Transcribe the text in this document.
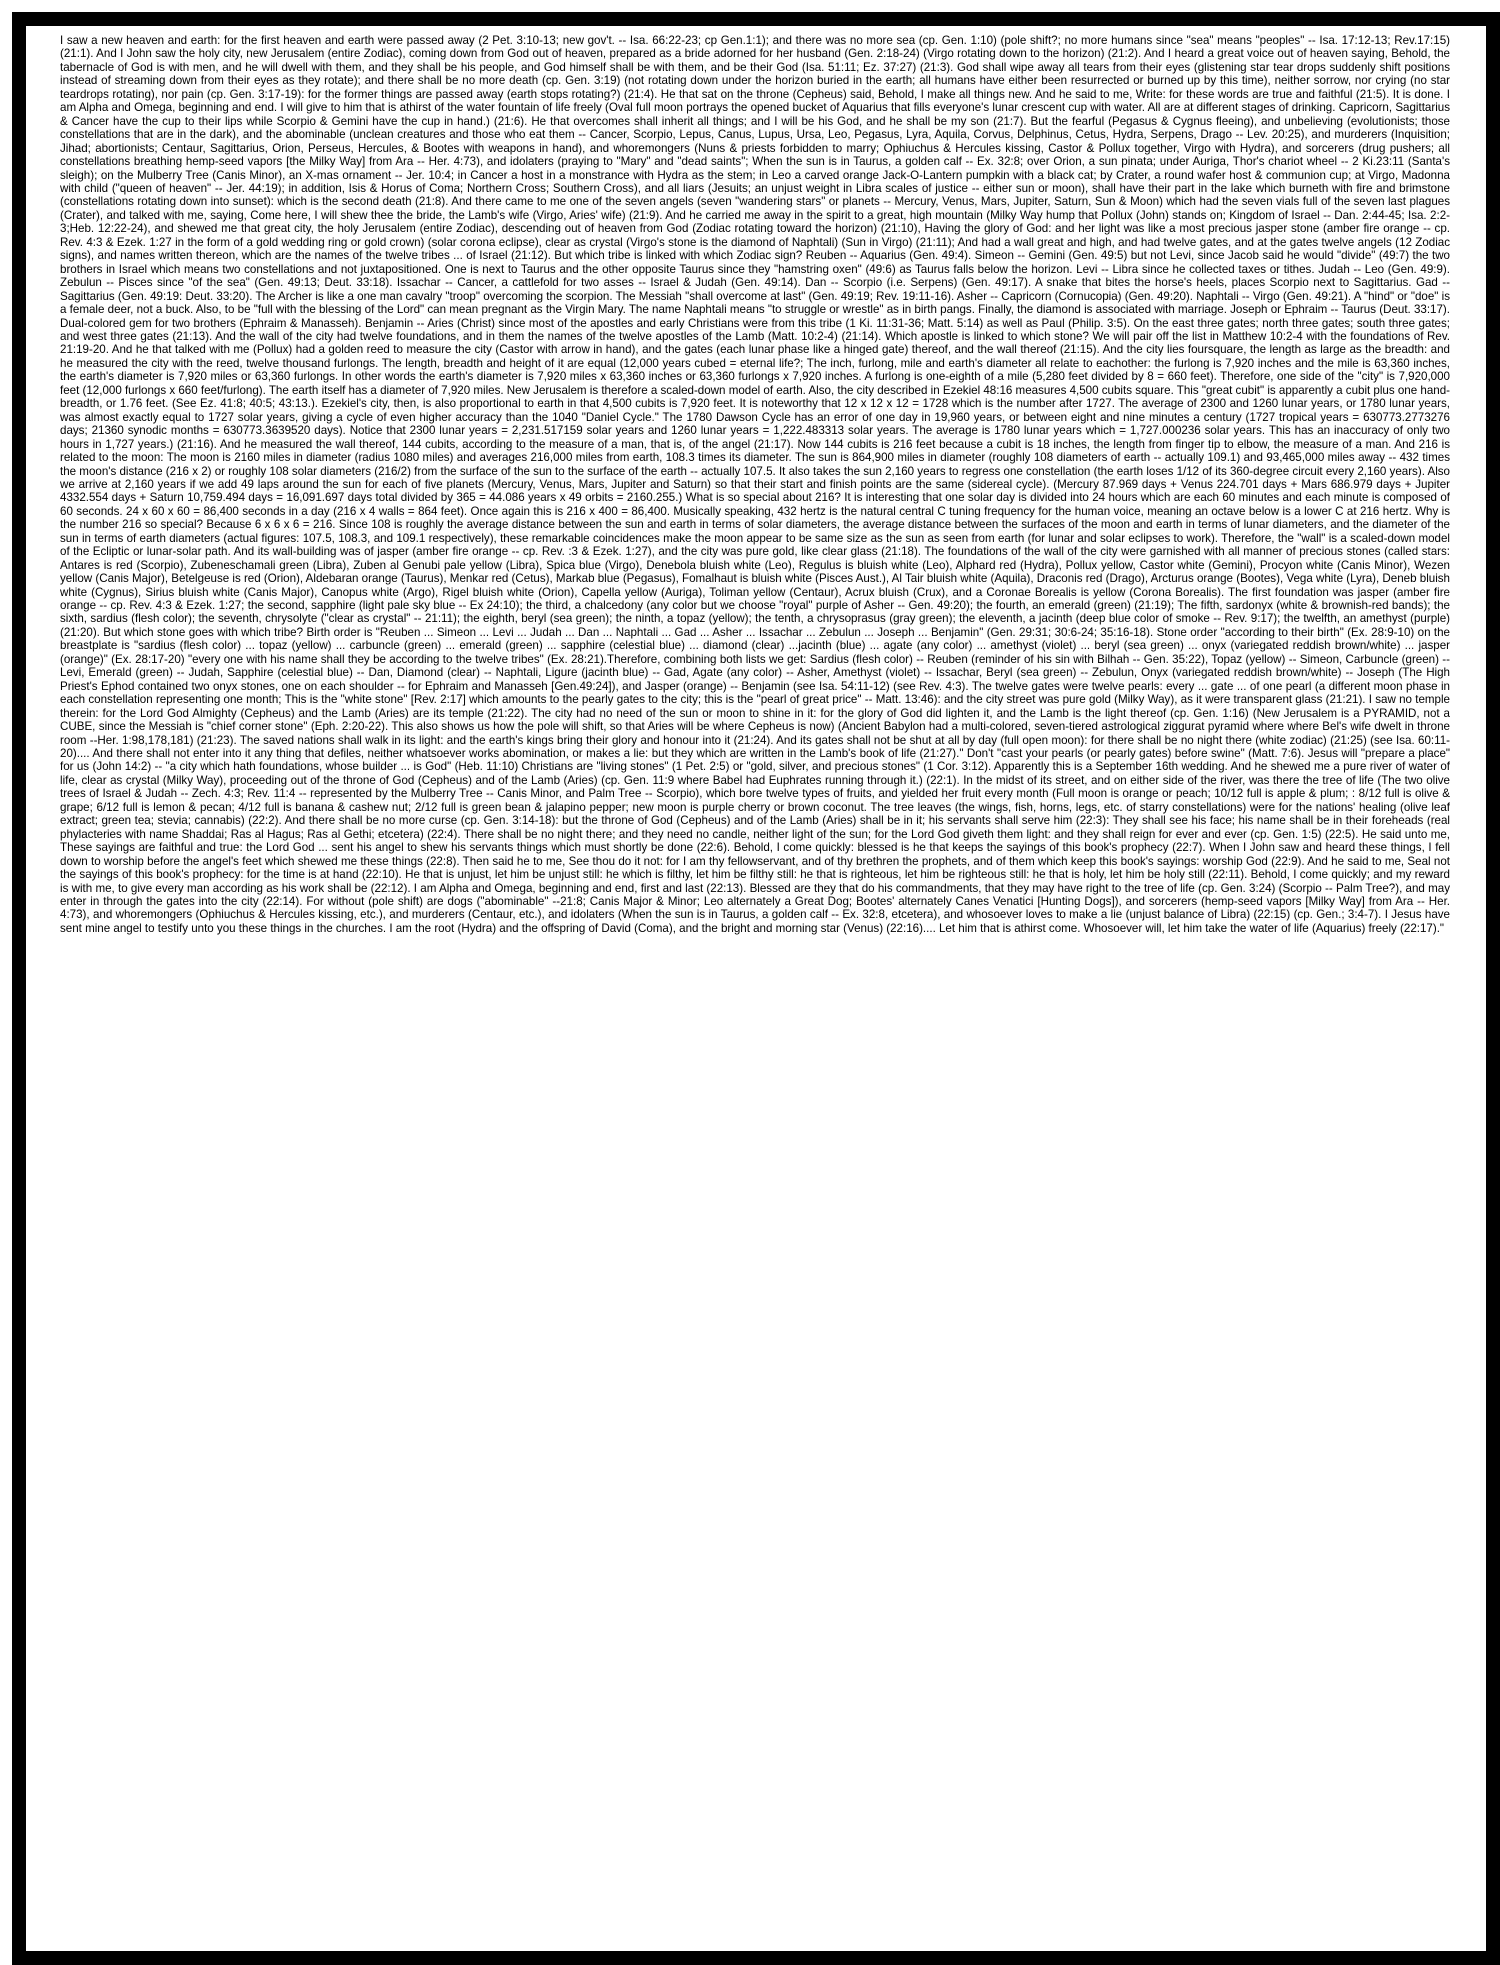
I saw a new heaven and earth: for the first heaven and earth were passed away (2 Pet. 3:10-13; new gov't. -- Isa. 66:22-23; cp Gen.1:1); and there was no more sea (cp. Gen. 1:10) (pole shift?; no more humans since "sea" means "peoples" -- Isa. 17:12-13; Rev.17:15) (21:1). And I John saw the holy city, new Jerusalem (entire Zodiac), coming down from God out of heaven, prepared as a bride adorned for her husband (Gen. 2:18-24) (Virgo rotating down to the horizon) (21:2). And I heard a great voice out of heaven saying, Behold, the tabernacle of God is with men, and he will dwell with them, and they shall be his people, and God himself shall be with them, and be their God (Isa. 51:11; Ez. 37:27) (21:3). God shall wipe away all tears from their eyes (glistening star tear drops suddenly shift positions instead of streaming down from their eyes as they rotate); and there shall be no more death (cp. Gen. 3:19) (not rotating down under the horizon buried in the earth; all humans have either been resurrected or burned up by this time), neither sorrow, nor crying (no star teardrops rotating), nor pain (cp. Gen. 3:17-19): for the former things are passed away (earth stops rotating?) (21:4). He that sat on the throne (Cepheus) said, Behold, I make all things new. And he said to me, Write: for these words are true and faithful (21:5). It is done. I am Alpha and Omega, beginning and end. I will give to him that is athirst of the water fountain of life freely (Oval full moon portrays the opened bucket of Aquarius that fills everyone's lunar crescent cup with water. All are at different stages of drinking. Capricorn, Sagittarius & Cancer have the cup to their lips while Scorpio & Gemini have the cup in hand.) (21:6). He that overcomes shall inherit all things; and I will be his God, and he shall be my son (21:7). But the fearful (Pegasus & Cygnus fleeing), and unbelieving (evolutionists; those constellations that are in the dark), and the abominable (unclean creatures and those who eat them -- Cancer, Scorpio, Lepus, Canus, Lupus, Ursa, Leo, Pegasus, Lyra, Aquila, Corvus, Delphinus, Cetus, Hydra, Serpens, Drago -- Lev. 20:25), and murderers (Inquisition; Jihad; abortionists; Centaur, Sagittarius, Orion, Perseus, Hercules, & Bootes with weapons in hand), and whoremongers (Nuns & priests forbidden to marry; Ophiuchus & Hercules kissing, Castor & Pollux together, Virgo with Hydra), and sorcerers (drug pushers; all constellations breathing hemp-seed vapors [the Milky Way] from Ara -- Her. 4:73), and idolaters (praying to "Mary" and "dead saints"; When the sun is in Taurus, a golden calf -- Ex. 32:8; over Orion, a sun pinata; under Auriga, Thor's chariot wheel -- 2 Ki.23:11 (Santa's sleigh); on the Mulberry Tree (Canis Minor), an X-mas ornament -- Jer. 10:4; in Cancer a host in a monstrance with Hydra as the stem; in Leo a carved orange Jack-O-Lantern pumpkin with a black cat; by Crater, a round wafer host & communion cup; at Virgo, Madonna with child ("queen of heaven" -- Jer. 44:19); in addition, Isis & Horus of Coma; Northern Cross; Southern Cross), and all liars (Jesuits; an unjust weight in Libra scales of justice -- either sun or moon), shall have their part in the lake which burneth with fire and brimstone (constellations rotating down into sunset): which is the second death (21:8). And there came to me one of the seven angels (seven "wandering stars" or planets -- Mercury, Venus, Mars, Jupiter, Saturn, Sun & Moon) which had the seven vials full of the seven last plagues (Crater), and talked with me, saying, Come here, I will shew thee the bride, the Lamb's wife (Virgo, Aries' wife) (21:9). And he carried me away in the spirit to a great, high mountain (Milky Way hump that Pollux (John) stands on; Kingdom of Israel -- Dan. 2:44-45; Isa. 2:2-3;Heb. 12:22-24), and shewed me that great city, the holy Jerusalem (entire Zodiac), descending out of heaven from God (Zodiac rotating toward the horizon) (21:10), Having the glory of God: and her light was like a most precious jasper stone (amber fire orange -- cp. Rev. 4:3 & Ezek. 1:27 in the form of a gold wedding ring or gold crown) (solar corona eclipse), clear as crystal (Virgo's stone is the diamond of Naphtali) (Sun in Virgo) (21:11); And had a wall great and high, and had twelve gates, and at the gates twelve angels (12 Zodiac signs), and names written thereon, which are the names of the twelve tribes ... of Israel (21:12). But which tribe is linked with which Zodiac sign? Reuben -- Aquarius (Gen. 49:4). Simeon -- Gemini (Gen. 49:5) but not Levi, since Jacob said he would "divide" (49:7) the two brothers in Israel which means two constellations and not juxtapositioned. One is next to Taurus and the other opposite Taurus since they "hamstring oxen" (49:6) as Taurus falls below the horizon. Levi -- Libra since he collected taxes or tithes. Judah -- Leo (Gen. 49:9). Zebulun -- Pisces since "of the sea" (Gen. 49:13; Deut. 33:18). Issachar -- Cancer, a cattlefold for two asses -- Israel & Judah (Gen. 49:14). Dan -- Scorpio (i.e. Serpens) (Gen. 49:17). A snake that bites the horse's heels, places Scorpio next to Sagittarius. Gad -- Sagittarius (Gen. 49:19: Deut. 33:20). The Archer is like a one man cavalry "troop" overcoming the scorpion. The Messiah "shall overcome at last" (Gen. 49:19; Rev. 19:11-16). Asher -- Capricorn (Cornucopia) (Gen. 49:20). Naphtali -- Virgo (Gen. 49:21). A "hind" or "doe" is a female deer, not a buck. Also, to be "full with the blessing of the Lord" can mean pregnant as the Virgin Mary. The name Naphtali means "to struggle or wrestle" as in birth pangs. Finally, the diamond is associated with marriage. Joseph or Ephraim -- Taurus (Deut. 33:17). Dual-colored gem for two brothers (Ephraim & Manasseh). Benjamin -- Aries (Christ) since most of the apostles and early Christians were from this tribe (1 Ki. 11:31-36; Matt. 5:14) as well as Paul (Philip. 3:5). On the east three gates; north three gates; south three gates; and west three gates (21:13). And the wall of the city had twelve foundations, and in them the names of the twelve apostles of the Lamb (Matt. 10:2-4) (21:14). Which apostle is linked to which stone? We will pair off the list in Matthew 10:2-4 with the foundations of Rev. 21:19-20. And he that talked with me (Pollux) had a golden reed to measure the city (Castor with arrow in hand), and the gates (each lunar phase like a hinged gate) thereof, and the wall thereof (21:15). And the city lies foursquare, the length as large as the breadth: and he measured the city with the reed, twelve thousand furlongs. The length, breadth and height of it are equal (12,000 years cubed = eternal life?; The inch, furlong, mile and earth's diameter all relate to eachother: the furlong is 7,920 inches and the mile is 63,360 inches, the earth's diameter is 7,920 miles or 63,360 furlongs. In other words the earth's diameter is 7,920 miles x 63,360 inches or 63,360 furlongs x 7,920 inches. A furlong is one-eighth of a mile (5,280 feet divided by 8 = 660 feet). Therefore, one side of the "city" is 7,920,000 feet (12,000 furlongs x 660 feet/furlong). The earth itself has a diameter of 7,920 miles. New Jerusalem is therefore a scaled-down model of earth. Also, the city described in Ezekiel 48:16 measures 4,500 cubits square. This "great cubit" is apparently a cubit plus one hand-breadth, or 1.76 feet. (See Ez. 41:8; 40:5; 43:13.). Ezekiel's city, then, is also proportional to earth in that 4,500 cubits is 7,920 feet. It is noteworthy that 12 x 12 x 12 = 1728 which is the number after 1727. The average of 2300 and 1260 lunar years, or 1780 lunar years, was almost exactly equal to 1727 solar years, giving a cycle of even higher accuracy than the 1040 "Daniel Cycle." The 1780 Dawson Cycle has an error of one day in 19,960 years, or between eight and nine minutes a century (1727 tropical years = 630773.2773276 days; 21360 synodic months = 630773.3639520 days). Notice that 2300 lunar years = 2,231.517159 solar years and 1260 lunar years = 1,222.483313 solar years. The average is 1780 lunar years which = 1,727.000236 solar years. This has an inaccuracy of only two hours in 1,727 years.) (21:16). And he measured the wall thereof, 144 cubits, according to the measure of a man, that is, of the angel (21:17). Now 144 cubits is 216 feet because a cubit is 18 inches, the length from finger tip to elbow, the measure of a man. And 216 is related to the moon: The moon is 2160 miles in diameter (radius 1080 miles) and averages 216,000 miles from earth, 108.3 times its diameter. The sun is 864,900 miles in diameter (roughly 108 diameters of earth -- actually 109.1) and 93,465,000 miles away -- 432 times the moon's distance (216 x 2) or roughly 108 solar diameters (216/2) from the surface of the sun to the surface of the earth -- actually 107.5. It also takes the sun 2,160 years to regress one constellation (the earth loses 1/12 of its 360-degree circuit every 2,160 years). Also we arrive at 2,160 years if we add 49 laps around the sun for each of five planets (Mercury, Venus, Mars, Jupiter and Saturn) so that their start and finish points are the same (sidereal cycle). (Mercury 87.969 days + Venus 224.701 days + Mars 686.979 days + Jupiter 4332.554 days + Saturn 10,759.494 days = 16,091.697 days total divided by 365 = 44.086 years x 49 orbits = 2160.255.) What is so special about 216? It is interesting that one solar day is divided into 24 hours which are each 60 minutes and each minute is composed of 60 seconds. 24 x 60 x 60 = 86,400 seconds in a day (216 x 4 walls = 864 feet). Once again this is 216 x 400 = 86,400. Musically speaking, 432 hertz is the natural central C tuning frequency for the human voice, meaning an octave below is a lower C at 216 hertz. Why is the number 216 so special? Because 6 x 6 x 6 = 216. Since 108 is roughly the average distance between the sun and earth in terms of solar diameters, the average distance between the surfaces of the moon and earth in terms of lunar diameters, and the diameter of the sun in terms of earth diameters (actual figures: 107.5, 108.3, and 109.1 respectively), these remarkable coincidences make the moon appear to be same size as the sun as seen from earth (for lunar and solar eclipses to work). Therefore, the "wall" is a scaled-down model of the Ecliptic or lunar-solar path. And its wall-building was of jasper (amber fire orange -- cp. Rev. :3 & Ezek. 1:27), and the city was pure gold, like clear glass (21:18). The foundations of the wall of the city were garnished with all manner of precious stones (called stars: Antares is red (Scorpio), Zubeneschamali green (Libra), Zuben al Genubi pale yellow (Libra), Spica blue (Virgo), Denebola bluish white (Leo), Regulus is bluish white (Leo), Alphard red (Hydra), Pollux yellow, Castor white (Gemini), Procyon white (Canis Minor), Wezen yellow (Canis Major), Betelgeuse is red (Orion), Aldebaran orange (Taurus), Menkar red (Cetus), Markab blue (Pegasus), Fomalhaut is bluish white (Pisces Aust.), Al Tair bluish white (Aquila), Draconis red (Drago), Arcturus orange (Bootes), Vega white (Lyra), Deneb bluish white (Cygnus), Sirius bluish white (Canis Major), Canopus white (Argo), Rigel bluish white (Orion), Capella yellow (Auriga), Toliman yellow (Centaur), Acrux bluish (Crux), and a Coronae Borealis is yellow (Corona Borealis). The first foundation was jasper (amber fire orange -- cp. Rev. 4:3 & Ezek. 1:27; the second, sapphire (light pale sky blue -- Ex 24:10); the third, a chalcedony (any color but we choose "royal" purple of Asher -- Gen. 49:20); the fourth, an emerald (green) (21:19); The fifth, sardonyx (white & brownish-red bands); the sixth, sardius (flesh color); the seventh, chrysolyte ("clear as crystal" -- 21:11); the eighth, beryl (sea green); the ninth, a topaz (yellow); the tenth, a chrysoprasus (gray green); the eleventh, a jacinth (deep blue color of smoke -- Rev. 9:17); the twelfth, an amethyst (purple) (21:20). But which stone goes with which tribe? Birth order is "Reuben ... Simeon ... Levi ... Judah ... Dan ... Naphtali ... Gad ... Asher ... Issachar ... Zebulun ... Joseph ... Benjamin" (Gen. 29:31; 30:6-24; 35:16-18). Stone order "according to their birth" (Ex. 28:9-10) on the breastplate is "sardius (flesh color) ... topaz (yellow) ... carbuncle (green) ... emerald (green) ... sapphire (celestial blue) ... diamond (clear) ...jacinth (blue) ... agate (any color) ... amethyst (violet) ... beryl (sea green) ... onyx (variegated reddish brown/white) ... jasper (orange)" (Ex. 28:17-20) "every one with his name shall they be according to the twelve tribes" (Ex. 28:21).Therefore, combining both lists we get: Sardius (flesh color) -- Reuben (reminder of his sin with Bilhah -- Gen. 35:22), Topaz (yellow) -- Simeon, Carbuncle (green) -- Levi, Emerald (green) -- Judah, Sapphire (celestial blue) -- Dan, Diamond (clear) -- Naphtali, Ligure (jacinth blue) -- Gad, Agate (any color) -- Asher, Amethyst (violet) -- Issachar, Beryl (sea green) -- Zebulun, Onyx (variegated reddish brown/white) -- Joseph (The High Priest's Ephod contained two onyx stones, one on each shoulder -- for Ephraim and Manasseh [Gen.49:24]), and Jasper (orange) -- Benjamin (see Isa. 54:11-12) (see Rev. 4:3). The twelve gates were twelve pearls: every ... gate ... of one pearl (a different moon phase in each constellation representing one month; This is the "white stone" [Rev. 2:17] which amounts to the pearly gates to the city; this is the "pearl of great price" -- Matt. 13:46): and the city street was pure gold (Milky Way), as it were transparent glass (21:21). I saw no temple therein: for the Lord God Almighty (Cepheus) and the Lamb (Aries) are its temple (21:22). The city had no need of the sun or moon to shine in it: for the glory of God did lighten it, and the Lamb is the light thereof (cp. Gen. 1:16) (New Jerusalem is a PYRAMID, not a CUBE, since the Messiah is "chief corner stone" (Eph. 2:20-22). This also shows us how the pole will shift, so that Aries will be where Cepheus is now) (Ancient Babylon had a multi-colored, seven-tiered astrological ziggurat pyramid where where Bel's wife dwelt in throne room --Her. 1:98,178,181) (21:23). The saved nations shall walk in its light: and the earth's kings bring their glory and honour into it (21:24). And its gates shall not be shut at all by day (full open moon): for there shall be no night there (white zodiac) (21:25) (see Isa. 60:11-20).... And there shall not enter into it any thing that defiles, neither whatsoever works abomination, or makes a lie: but they which are written in the Lamb's book of life (21:27)." Don't "cast your pearls (or pearly gates) before swine" (Matt. 7:6). Jesus will "prepare a place" for us (John 14:2) -- "a city which hath foundations, whose builder ... is God" (Heb. 11:10) Christians are "living stones" (1 Pet. 2:5) or "gold, silver, and precious stones" (1 Cor. 3:12). Apparently this is a September 16th wedding. And he shewed me a pure river of water of life, clear as crystal (Milky Way), proceeding out of the throne of God (Cepheus) and of the Lamb (Aries) (cp. Gen. 11:9 where Babel had Euphrates running through it.) (22:1). In the midst of its street, and on either side of the river, was there the tree of life (The two olive trees of Israel & Judah -- Zech. 4:3; Rev. 11:4 -- represented by the Mulberry Tree -- Canis Minor, and Palm Tree -- Scorpio), which bore twelve types of fruits, and yielded her fruit every month (Full moon is orange or peach; 10/12 full is apple & plum; : 8/12 full is olive & grape; 6/12 full is lemon & pecan; 4/12 full is banana & cashew nut; 2/12 full is green bean & jalapino pepper; new moon is purple cherry or brown coconut. The tree leaves (the wings, fish, horns, legs, etc. of starry constellations) were for the nations' healing (olive leaf extract; green tea; stevia; cannabis) (22:2). And there shall be no more curse (cp. Gen. 3:14-18): but the throne of God (Cepheus) and of the Lamb (Aries) shall be in it; his servants shall serve him (22:3): They shall see his face; his name shall be in their foreheads (real phylacteries with name Shaddai; Ras al Hagus; Ras al Gethi; etcetera) (22:4). There shall be no night there; and they need no candle, neither light of the sun; for the Lord God giveth them light: and they shall reign for ever and ever (cp. Gen. 1:5) (22:5). He said unto me, These sayings are faithful and true: the Lord God ... sent his angel to shew his servants things which must shortly be done (22:6). Behold, I come quickly: blessed is he that keeps the sayings of this book's prophecy (22:7). When I John saw and heard these things, I fell down to worship before the angel's feet which shewed me these things (22:8). Then said he to me, See thou do it not: for I am thy fellowservant, and of thy brethren the prophets, and of them which keep this book's sayings: worship God (22:9). And he said to me, Seal not the sayings of this book's prophecy: for the time is at hand (22:10). He that is unjust, let him be unjust still: he which is filthy, let him be filthy still: he that is righteous, let him be righteous still: he that is holy, let him be holy still (22:11). Behold, I come quickly; and my reward is with me, to give every man according as his work shall be (22:12). I am Alpha and Omega, beginning and end, first and last (22:13). Blessed are they that do his commandments, that they may have right to the tree of life (cp. Gen. 3:24) (Scorpio -- Palm Tree?), and may enter in through the gates into the city (22:14). For without (pole shift) are dogs ("abominable" --21:8; Canis Major & Minor; Leo alternately a Great Dog; Bootes' alternately Canes Venatici [Hunting Dogs]), and sorcerers (hemp-seed vapors [Milky Way] from Ara -- Her. 4:73), and whoremongers (Ophiuchus & Hercules kissing, etc.), and murderers (Centaur, etc.), and idolaters (When the sun is in Taurus, a golden calf -- Ex. 32:8, etcetera), and whosoever loves to make a lie (unjust balance of Libra) (22:15) (cp. Gen.; 3:4-7). I Jesus have sent mine angel to testify unto you these things in the churches. I am the root (Hydra) and the offspring of David (Coma), and the bright and morning star (Venus) (22:16).... Let him that is athirst come. Whosoever will, let him take the water of life (Aquarius) freely (22:17)."
